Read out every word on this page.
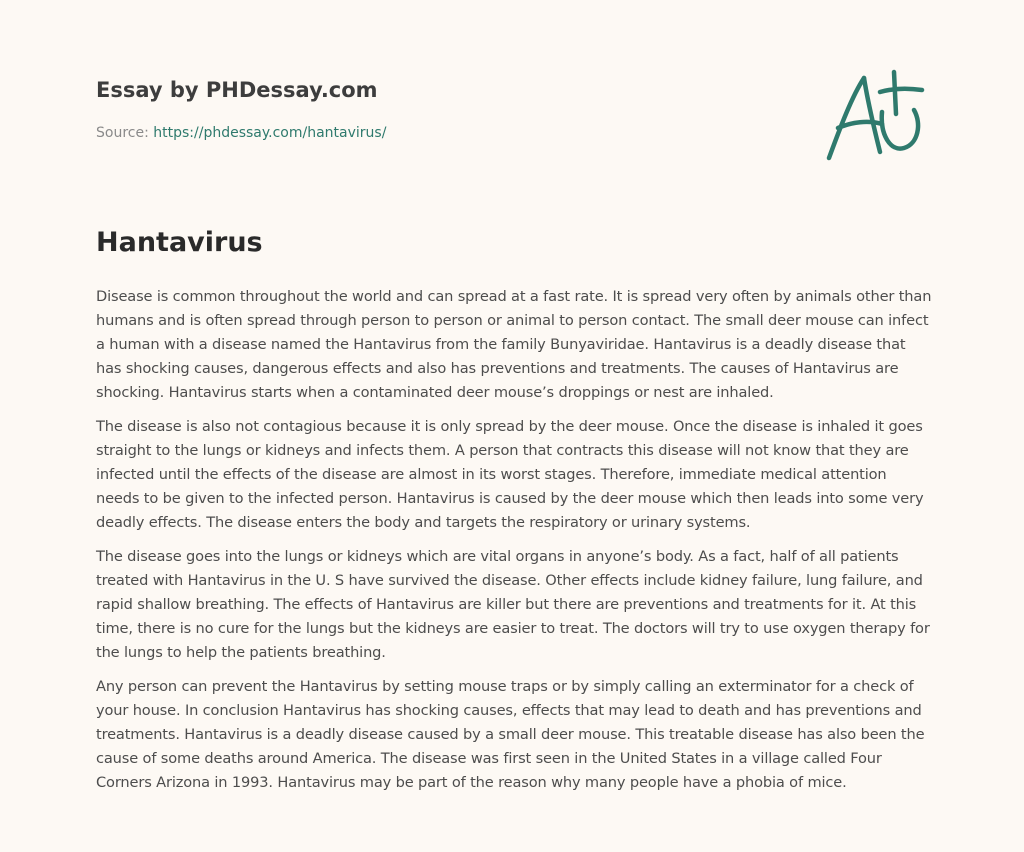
Essay by PHDessay.com

Source: https://phdessay.com/hantavirus/

Hantavirus

Disease is common throughout the world and can spread at a fast rate. It is spread very often by animals other than humans and is often spread through person to person or animal to person contact. The small deer mouse can infect a human with a disease named the Hantavirus from the family Bunyaviridae. Hantavirus is a deadly disease that has shocking causes, dangerous effects and also has preventions and treatments. The causes of Hantavirus are shocking. Hantavirus starts when a contaminated deer mouse’s droppings or nest are inhaled.

The disease is also not contagious because it is only spread by the deer mouse. Once the disease is inhaled it goes straight to the lungs or kidneys and infects them. A person that contracts this disease will not know that they are infected until the effects of the disease are almost in its worst stages. Therefore, immediate medical attention needs to be given to the infected person. Hantavirus is caused by the deer mouse which then leads into some very deadly effects. The disease enters the body and targets the respiratory or urinary systems.

The disease goes into the lungs or kidneys which are vital organs in anyone’s body. As a fact, half of all patients treated with Hantavirus in the U. S have survived the disease. Other effects include kidney failure, lung failure, and rapid shallow breathing. The effects of Hantavirus are killer but there are preventions and treatments for it. At this time, there is no cure for the lungs but the kidneys are easier to treat. The doctors will try to use oxygen therapy for the lungs to help the patients breathing.

Any person can prevent the Hantavirus by setting mouse traps or by simply calling an exterminator for a check of your house. In conclusion Hantavirus has shocking causes, effects that may lead to death and has preventions and treatments. Hantavirus is a deadly disease caused by a small deer mouse. This treatable disease has also been the cause of some deaths around America. The disease was first seen in the United States in a village called Four Corners Arizona in 1993. Hantavirus may be part of the reason why many people have a phobia of mice.
